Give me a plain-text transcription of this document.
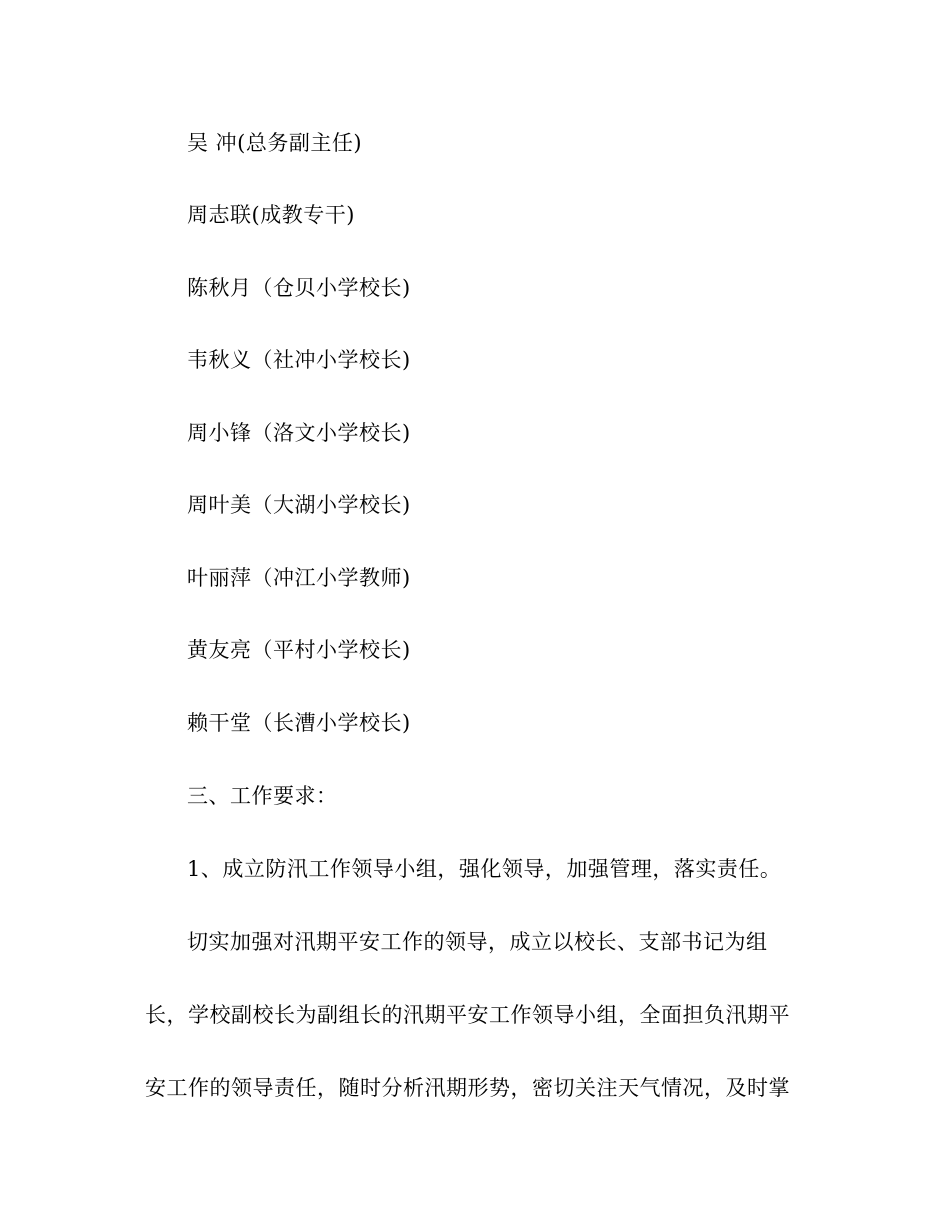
吴 冲(总务副主任)
周志联(成教专干)
陈秋月（仓贝小学校长)
韦秋义（社冲小学校长)
周小锋（洛文小学校长)
周叶美（大湖小学校长)
叶丽萍（冲江小学教师)
黄友亮（平村小学校长)
赖干堂（长漕小学校长)
三、工作要求：
1、成立防汛工作领导小组，强化领导，加强管理，落实责任。
切实加强对汛期平安工作的领导，成立以校长、支部书记为组
长，学校副校长为副组长的汛期平安工作领导小组，全面担负汛期平
安工作的领导责任，随时分析汛期形势，密切关注天气情况，及时掌
